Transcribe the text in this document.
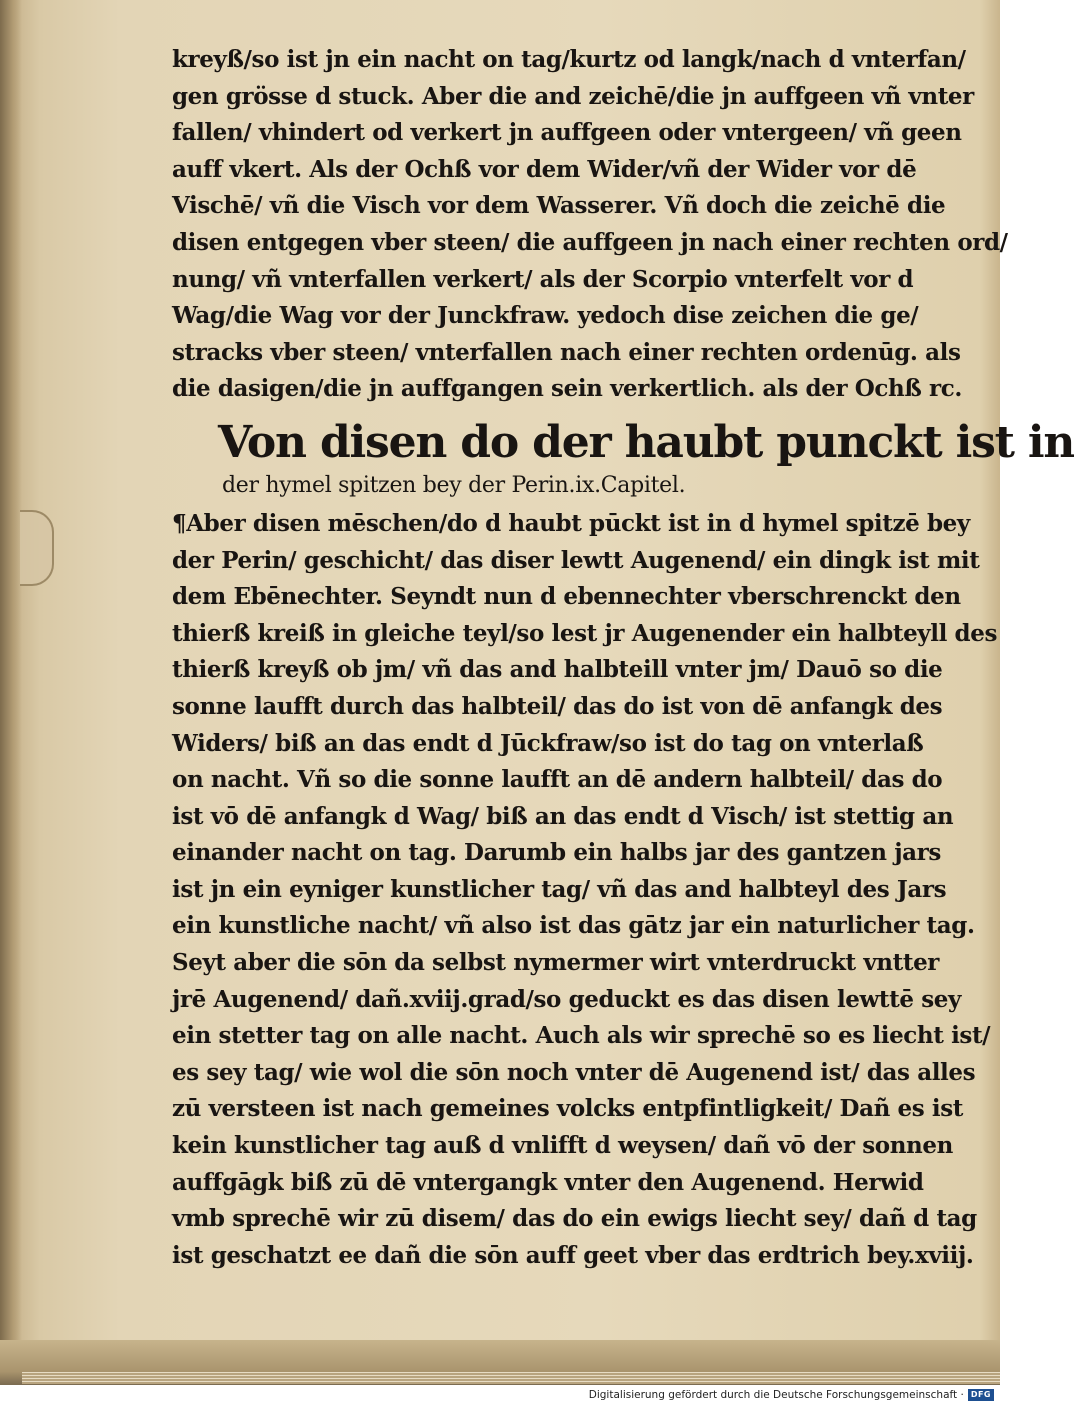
kreyß/so ist jn ein nacht on tag/kurtz od langk/nach d vnterfan/

gen grösse d stuck. Aber die and zeichē/die jn auffgeen vñ vnter

fallen/ vhindert od verkert jn auffgeen oder vntergeen/ vñ geen

auff vkert. Als der Ochß vor dem Wider/vñ der Wider vor dē

Vischē/ vñ die Visch vor dem Wasserer. Vñ doch die zeichē die

disen entgegen vber steen/ die auffgeen jn nach einer rechten ord/

nung/ vñ vnterfallen verkert/ als der Scorpio vnterfelt vor d

Wag/die Wag vor der Junckfraw. yedoch dise zeichen die ge/

stracks vber steen/ vnterfallen nach einer rechten ordenūg. als

die dasigen/die jn auffgangen sein verkertlich. als der Ochß rc.

Von disen do der haubt punckt ist in
der hymel spitzen bey der Perin.ix.Capitel.

¶Aber disen mēschen/do d haubt pūckt ist in d hymel spitzē bey

der Perin/ geschicht/ das diser lewtt Augenend/ ein dingk ist mit

dem Ebēnechter. Seyndt nun d ebennechter vberschrenckt den

thierß kreiß in gleiche teyl/so lest jr Augenender ein halbteyll des

thierß kreyß ob jm/ vñ das and halbteill vnter jm/ Dauō so die

sonne laufft durch das halbteil/ das do ist von dē anfangk des

Widers/ biß an das endt d Jūckfraw/so ist do tag on vnterlaß

on nacht. Vñ so die sonne laufft an dē andern halbteil/ das do

ist vō dē anfangk d Wag/ biß an das endt d Visch/ ist stettig an

einander nacht on tag. Darumb ein halbs jar des gantzen jars

ist jn ein eyniger kunstlicher tag/ vñ das and halbteyl des Jars

ein kunstliche nacht/ vñ also ist das gātz jar ein naturlicher tag.

Seyt aber die sōn da selbst nymermer wirt vnterdruckt vntter

jrē Augenend/ dañ.xviij.grad/so geduckt es das disen lewttē sey

ein stetter tag on alle nacht. Auch als wir sprechē so es liecht ist/

es sey tag/ wie wol die sōn noch vnter dē Augenend ist/ das alles

zū versteen ist nach gemeines volcks entpfintligkeit/ Dañ es ist

kein kunstlicher tag auß d vnlifft d weysen/ dañ vō der sonnen

auffgāgk biß zū dē vntergangk vnter den Augenend. Herwid

vmb sprechē wir zū disem/ das do ein ewigs liecht sey/ dañ d tag

ist geschatzt ee dañ die sōn auff geet vber das erdtrich bey.xviij.

Digitalisierung gefördert durch die Deutsche Forschungsgemeinschaft · DFG
